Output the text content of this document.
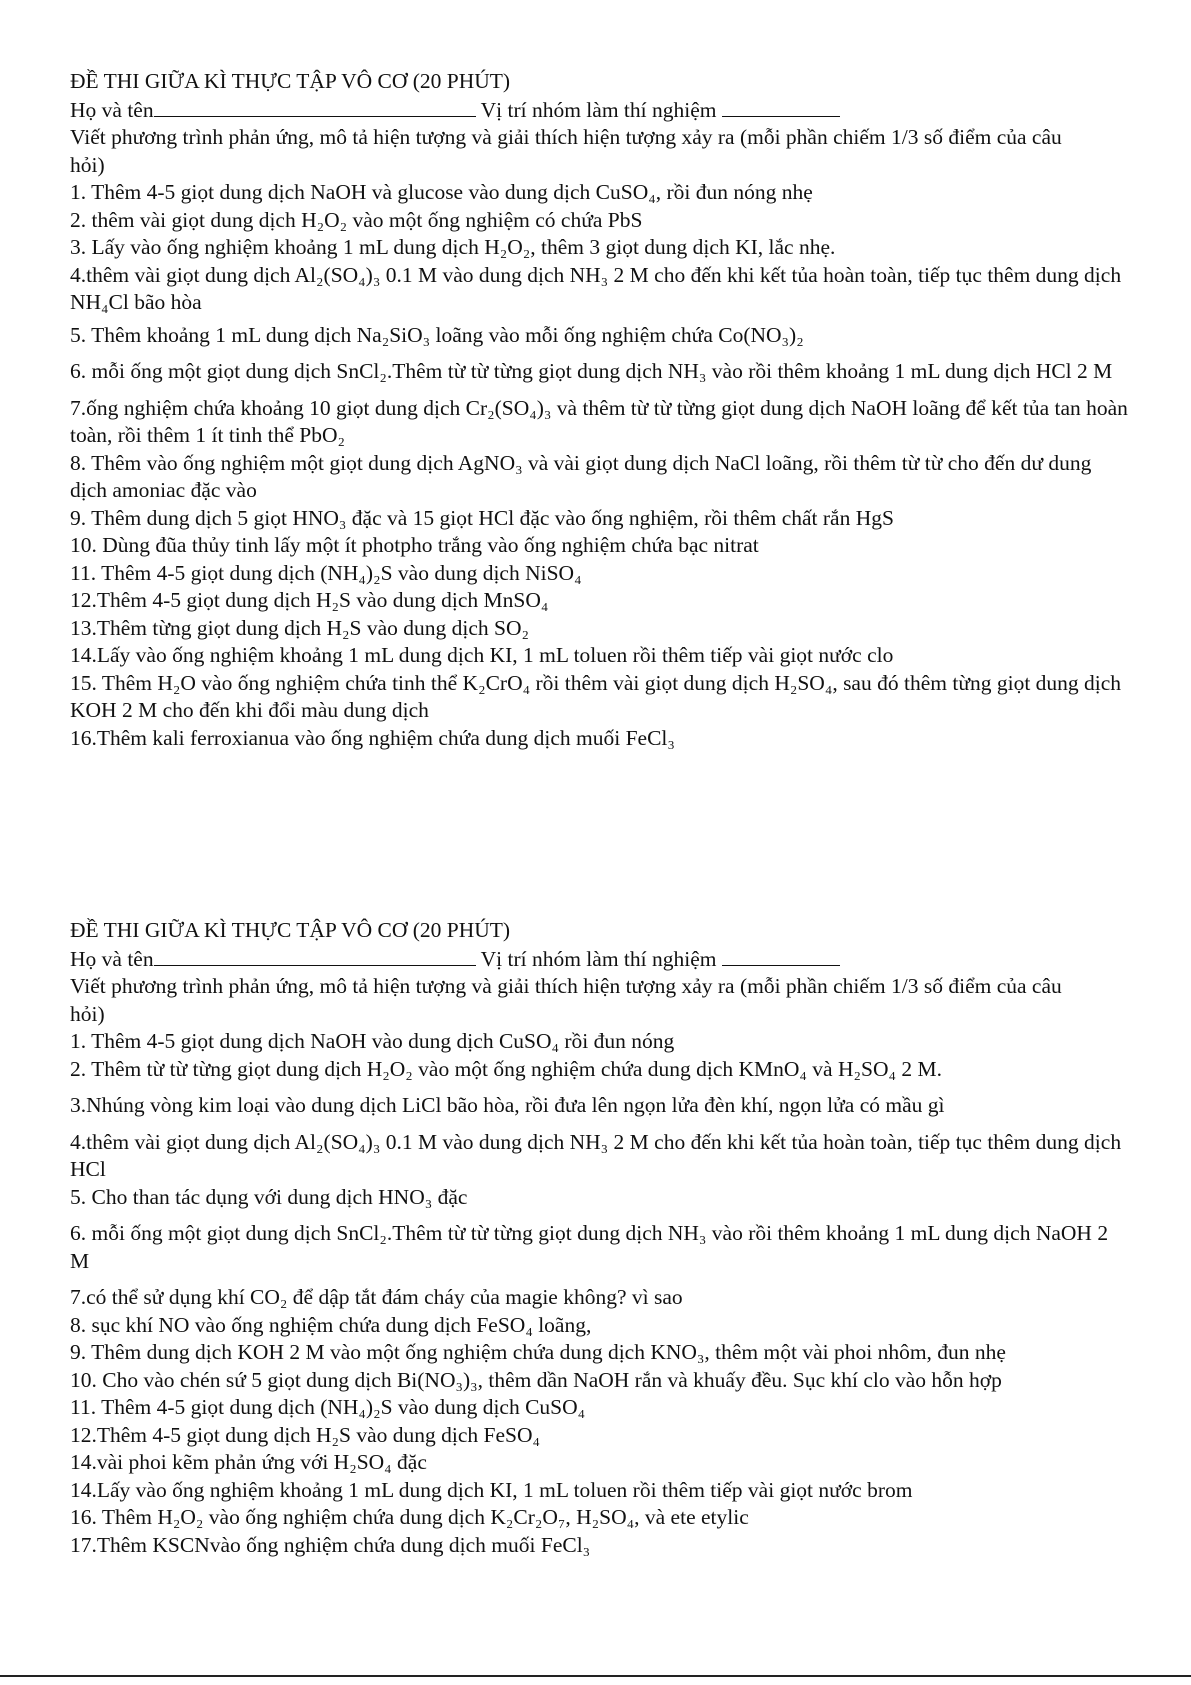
ĐỀ THI GIỮA KÌ THỰC TẬP VÔ CƠ (20 PHÚT)
Họ và tên	Vị trí nhóm làm thí nghiệm
Viết phương trình phản ứng, mô tả hiện tượng và giải thích hiện tượng xảy ra (mỗi phần chiếm 1/3 số điểm của câu hỏi)
1. Thêm 4-5 giọt dung dịch NaOH và glucose vào dung dịch CuSO₄, rồi đun nóng nhẹ
2. thêm vài giọt dung dịch H₂O₂ vào một ống nghiệm có chứa PbS
3. Lấy vào ống nghiệm khoảng 1 mL dung dịch H₂O₂, thêm 3 giọt dung dịch KI, lắc nhẹ.
4.thêm vài giọt dung dịch Al₂(SO₄)₃ 0.1 M vào dung dịch NH₃ 2 M cho đến khi kết tủa hoàn toàn, tiếp tục thêm dung dịch NH₄Cl bão hòa
5. Thêm khoảng 1 mL dung dịch Na₂SiO₃ loãng vào mỗi ống nghiệm chứa Co(NO₃)₂
6. mỗi ống một giọt dung dịch SnCl₂.Thêm từ từ từng giọt dung dịch NH₃ vào rồi thêm khoảng 1 mL dung dịch HCl 2 M
7.ống nghiệm chứa khoảng 10 giọt dung dịch Cr₂(SO₄)₃ và thêm từ từ từng giọt dung dịch NaOH loãng để kết tủa tan hoàn toàn, rồi thêm 1 ít tinh thể PbO₂
8. Thêm vào ống nghiệm một giọt dung dịch AgNO₃ và vài giọt dung dịch NaCl loãng, rồi thêm từ từ cho đến dư dung dịch amoniac đặc vào
9. Thêm dung dịch 5 giọt HNO₃ đặc và 15 giọt HCl đặc vào ống nghiệm, rồi thêm chất rắn HgS
10. Dùng đũa thủy tinh lấy một ít photpho trắng vào ống nghiệm chứa bạc nitrat
11. Thêm 4-5 giọt dung dịch (NH₄)₂S vào dung dịch NiSO₄
12.Thêm 4-5 giọt dung dịch H₂S vào dung dịch MnSO₄
13.Thêm từng giọt dung dịch H₂S vào dung dịch SO₂
14.Lấy vào ống nghiệm khoảng 1 mL dung dịch KI, 1 mL toluen rồi thêm tiếp vài giọt nước clo
15. Thêm H₂O vào ống nghiệm chứa tinh thể K₂CrO₄ rồi thêm vài giọt dung dịch H₂SO₄, sau đó thêm từng giọt dung dịch KOH 2 M cho đến khi đổi màu dung dịch
16.Thêm kali ferroxianua vào ống nghiệm chứa dung dịch muối FeCl₃
ĐỀ THI GIỮA KÌ THỰC TẬP VÔ CƠ (20 PHÚT)
Họ và tên	Vị trí nhóm làm thí nghiệm
Viết phương trình phản ứng, mô tả hiện tượng và giải thích hiện tượng xảy ra (mỗi phần chiếm 1/3 số điểm của câu hỏi)
1. Thêm 4-5 giọt dung dịch NaOH vào dung dịch CuSO₄ rồi đun nóng
2. Thêm từ từ từng giọt dung dịch H₂O₂ vào một ống nghiệm chứa dung dịch KMnO₄ và H₂SO₄ 2 M.
3.Nhúng vòng kim loại vào dung dịch LiCl bão hòa, rồi đưa lên ngọn lửa đèn khí, ngọn lửa có mầu gì
4.thêm vài giọt dung dịch Al₂(SO₄)₃ 0.1 M vào dung dịch NH₃ 2 M cho đến khi kết tủa hoàn toàn, tiếp tục thêm dung dịch HCl
5. Cho than tác dụng với dung dịch HNO₃ đặc
6. mỗi ống một giọt dung dịch SnCl₂.Thêm từ từ từng giọt dung dịch NH₃ vào rồi thêm khoảng 1 mL dung dịch NaOH 2 M
7.có thể sử dụng khí CO₂ để dập tắt đám cháy của magie không? vì sao
8. sục khí NO vào ống nghiệm chứa dung dịch FeSO₄ loãng,
9. Thêm dung dịch KOH 2 M vào một ống nghiệm chứa dung dịch KNO₃, thêm một vài phoi nhôm, đun nhẹ
10. Cho vào chén sứ 5 giọt dung dịch Bi(NO₃)₃, thêm dần NaOH rắn và khuấy đều. Sục khí clo vào hỗn hợp
11. Thêm 4-5 giọt dung dịch (NH₄)₂S vào dung dịch CuSO₄
12.Thêm 4-5 giọt dung dịch H₂S vào dung dịch FeSO₄
14.vài phoi kẽm phản ứng với H₂SO₄ đặc
14.Lấy vào ống nghiệm khoảng 1 mL dung dịch KI, 1 mL toluen rồi thêm tiếp vài giọt nước brom
16. Thêm H₂O₂ vào ống nghiệm chứa dung dịch K₂Cr₂O₇, H₂SO₄, và ete etylic
17.Thêm KSCNvào ống nghiệm chứa dung dịch muối FeCl₃
